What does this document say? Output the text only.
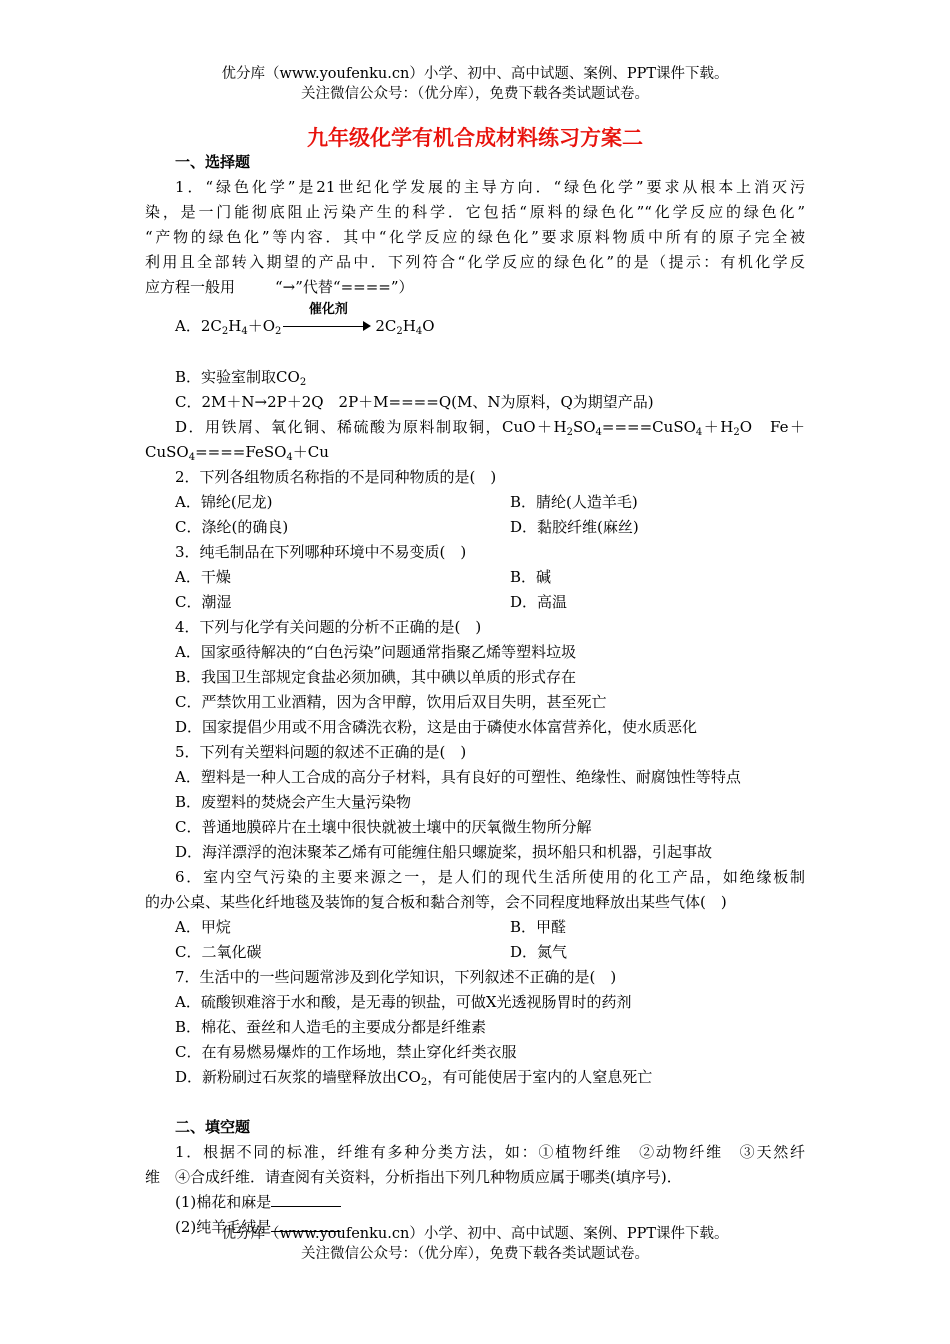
优分库（www.youfenku.cn）小学、初中、高中试题、案例、PPT课件下载。
关注微信公众号：（优分库），免费下载各类试题试卷。
九年级化学有机合成材料练习方案二
一、选择题
1．“绿色化学”是21世纪化学发展的主导方向．“绿色化学”要求从根本上消灭污
染，是一门能彻底阻止污染产生的科学．它包括“原料的绿色化”“化学反应的绿色化”
“产物的绿色化”等内容．其中“化学反应的绿色化”要求原料物质中所有的原子完全被
利用且全部转入期望的产品中．下列符合“化学反应的绿色化”的是（提示：有机化学反
应方程一般用	“→”代替“====”）
A．$2C_2H_4+O_2$
催化剂
$2C_2H_4O$
B．实验室制取$CO_2$
C．2M＋N→2P＋2Q　2P＋M====Q(M、N为原料，Q为期望产品)
D．用铁屑、氧化铜、稀硫酸为原料制取铜，$CuO+H_2SO_4====CuSO_4+H_2O$　Fe＋
CuSO$_4$====FeSO$_4$＋Cu
2．下列各组物质名称指的不是同种物质的是(　)
A．锦纶(尼龙)	B．腈纶(人造羊毛)
C．涤纶(的确良)	D．黏胶纤维(麻丝)
3．纯毛制品在下列哪种环境中不易变质(　)
A．干燥	B．碱
C．潮湿	D．高温
4．下列与化学有关问题的分析不正确的是(　)
A．国家亟待解决的“白色污染”问题通常指聚乙烯等塑料垃圾
B．我国卫生部规定食盐必须加碘，其中碘以单质的形式存在
C．严禁饮用工业酒精，因为含甲醇，饮用后双目失明，甚至死亡
D．国家提倡少用或不用含磷洗衣粉，这是由于磷使水体富营养化，使水质恶化
5．下列有关塑料问题的叙述不正确的是(　)
A．塑料是一种人工合成的高分子材料，具有良好的可塑性、绝缘性、耐腐蚀性等特点
B．废塑料的焚烧会产生大量污染物
C．普通地膜碎片在土壤中很快就被土壤中的厌氧微生物所分解
D．海洋漂浮的泡沫聚苯乙烯有可能缠住船只螺旋桨，损坏船只和机器，引起事故
6．室内空气污染的主要来源之一，是人们的现代生活所使用的化工产品，如绝缘板制
的办公桌、某些化纤地毯及装饰的复合板和黏合剂等，会不同程度地释放出某些气体(　)
A．甲烷	B．甲醛
C．二氧化碳	D．氮气
7．生活中的一些问题常涉及到化学知识，下列叙述不正确的是(　)
A．硫酸钡难溶于水和酸，是无毒的钡盐，可做X光透视肠胃时的药剂
B．棉花、蚕丝和人造毛的主要成分都是纤维素
C．在有易燃易爆炸的工作场地，禁止穿化纤类衣服
D．新粉刷过石灰浆的墙壁释放出$CO_2$，有可能使居于室内的人窒息死亡
二、填空题
1．根据不同的标准，纤维有多种分类方法，如：①植物纤维　②动物纤维　③天然纤
维　④合成纤维．请查阅有关资料，分析指出下列几种物质应属于哪类(填序号)．
(1)棉花和麻是
(2)纯羊毛绒是
优分库（www.youfenku.cn）小学、初中、高中试题、案例、PPT课件下载。
关注微信公众号：（优分库），免费下载各类试题试卷。
